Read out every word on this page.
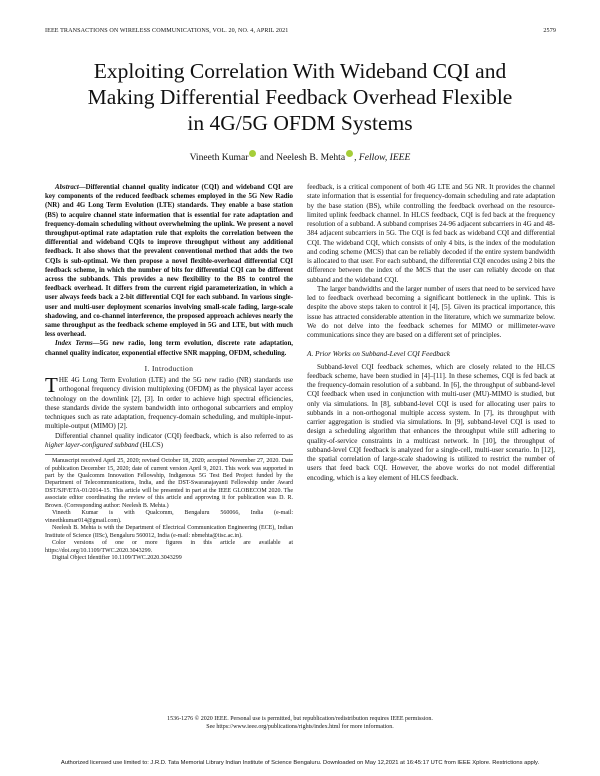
IEEE TRANSACTIONS ON WIRELESS COMMUNICATIONS, VOL. 20, NO. 4, APRIL 2021	2579
Exploiting Correlation With Wideband CQI and
Making Differential Feedback Overhead Flexible
in 4G/5G OFDM Systems
Vineeth Kumar and Neelesh B. Mehta , Fellow, IEEE

Abstract—Differential channel quality indicator (CQI) and wideband CQI are key components of the reduced feedback schemes employed in the 5G New Radio (NR) and 4G Long Term Evolution (LTE) standards. They enable a base station (BS) to acquire channel state information that is essential for rate adaptation and frequency-domain scheduling without overwhelming the uplink. We present a novel throughput-optimal rate adaptation rule that exploits the correlation between the differential and wideband CQIs to improve throughput without any additional feedback. It also shows that the prevalent conventional method that adds the two CQIs is sub-optimal. We then propose a novel flexible-overhead differential CQI feedback scheme, in which the number of bits for differential CQI can be different across the subbands. This provides a new flexibility to the BS to control the feedback overhead. It differs from the current rigid parameterization, in which a user always feeds back a 2-bit differential CQI for each subband. In various single-user and multi-user deployment scenarios involving small-scale fading, large-scale shadowing, and co-channel interference, the proposed approach achieves nearly the same throughput as the feedback scheme employed in 5G and LTE, but with much less overhead.

Index Terms—5G new radio, long term evolution, discrete rate adaptation, channel quality indicator, exponential effective SNR mapping, OFDM, scheduling.

I. Introduction

THE 4G Long Term Evolution (LTE) and the 5G new radio (NR) standards use orthogonal frequency division multiplexing (OFDM) as the physical layer access technology on the downlink [2], [3]. In order to achieve high spectral efficiencies, these standards divide the system bandwidth into orthogonal subcarriers and employ techniques such as rate adaptation, frequency-domain scheduling, and multiple-input-multiple-output (MIMO) [2].

Differential channel quality indicator (CQI) feedback, which is also referred to as higher layer-configured subband (HLCS)

Manuscript received April 25, 2020; revised October 18, 2020; accepted November 27, 2020. Date of publication December 15, 2020; date of current version April 9, 2021. This work was supported in part by the Qualcomm Innovation Fellowship, Indigenous 5G Test Bed Project funded by the Department of Telecommunications, India, and the DST-Swaranajayanti Fellowship under Award DST/SJF/ETA-01/2014-15. This article will be presented in part at the IEEE GLOBECOM 2020. The associate editor coordinating the review of this article and approving it for publication was D. R. Brown. (Corresponding author: Neelesh B. Mehta.)

Vineeth Kumar is with Qualcomm, Bengaluru 560066, India (e-mail: vineethkumar014@gmail.com).

Neelesh B. Mehta is with the Department of Electrical Communication Engineering (ECE), Indian Institute of Science (IISc), Bengaluru 560012, India (e-mail: nbmehta@iisc.ac.in).

Color versions of one or more figures in this article are available at https://doi.org/10.1109/TWC.2020.3043299.

Digital Object Identifier 10.1109/TWC.2020.3043299

feedback, is a critical component of both 4G LTE and 5G NR. It provides the channel state information that is essential for frequency-domain scheduling and rate adaptation by the base station (BS), while controlling the feedback overhead on the resource-limited uplink feedback channel. In HLCS feedback, CQI is fed back at the frequency resolution of a subband. A subband comprises 24-96 adjacent subcarriers in 4G and 48-384 adjacent subcarriers in 5G. The CQI is fed back as wideband CQI and differential CQI. The wideband CQI, which consists of only 4 bits, is the index of the modulation and coding scheme (MCS) that can be reliably decoded if the entire system bandwidth is allocated to that user. For each subband, the differential CQI encodes using 2 bits the difference between the index of the MCS that the user can reliably decode on that subband and the wideband CQI.

The larger bandwidths and the larger number of users that need to be serviced have led to feedback overhead becoming a significant bottleneck in the uplink. This is despite the above steps taken to control it [4], [5]. Given its practical importance, this issue has attracted considerable attention in the literature, which we summarize below. We do not delve into the feedback schemes for MIMO or millimeter-wave communications since they are based on a different set of principles.

A. Prior Works on Subband-Level CQI Feedback

Subband-level CQI feedback schemes, which are closely related to the HLCS feedback scheme, have been studied in [4]–[11]. In these schemes, CQI is fed back at the frequency-domain resolution of a subband. In [6], the throughput of subband-level CQI feedback when used in conjunction with multi-user (MU)-MIMO is studied, but only via simulations. In [8], subband-level CQI is used for allocating user pairs to subbands in a non-orthogonal multiple access system. In [7], its throughput with carrier aggregation is studied via simulations. In [9], subband-level CQI is used to design a scheduling algorithm that enhances the throughput while still adhering to quality-of-service constraints in a multicast network. In [10], the throughput of subband-level CQI feedback is analyzed for a single-cell, multi-user scenario. In [12], the spatial correlation of large-scale shadowing is utilized to restrict the number of users that feed back CQI. However, the above works do not model differential encoding, which is a key element of HLCS feedback.

1536-1276 © 2020 IEEE. Personal use is permitted, but republication/redistribution requires IEEE permission.
See https://www.ieee.org/publications/rights/index.html for more information.
Authorized licensed use limited to: J.R.D. Tata Memorial Library Indian Institute of Science Bengaluru. Downloaded on May 12,2021 at 16:45:17 UTC from IEEE Xplore. Restrictions apply.
